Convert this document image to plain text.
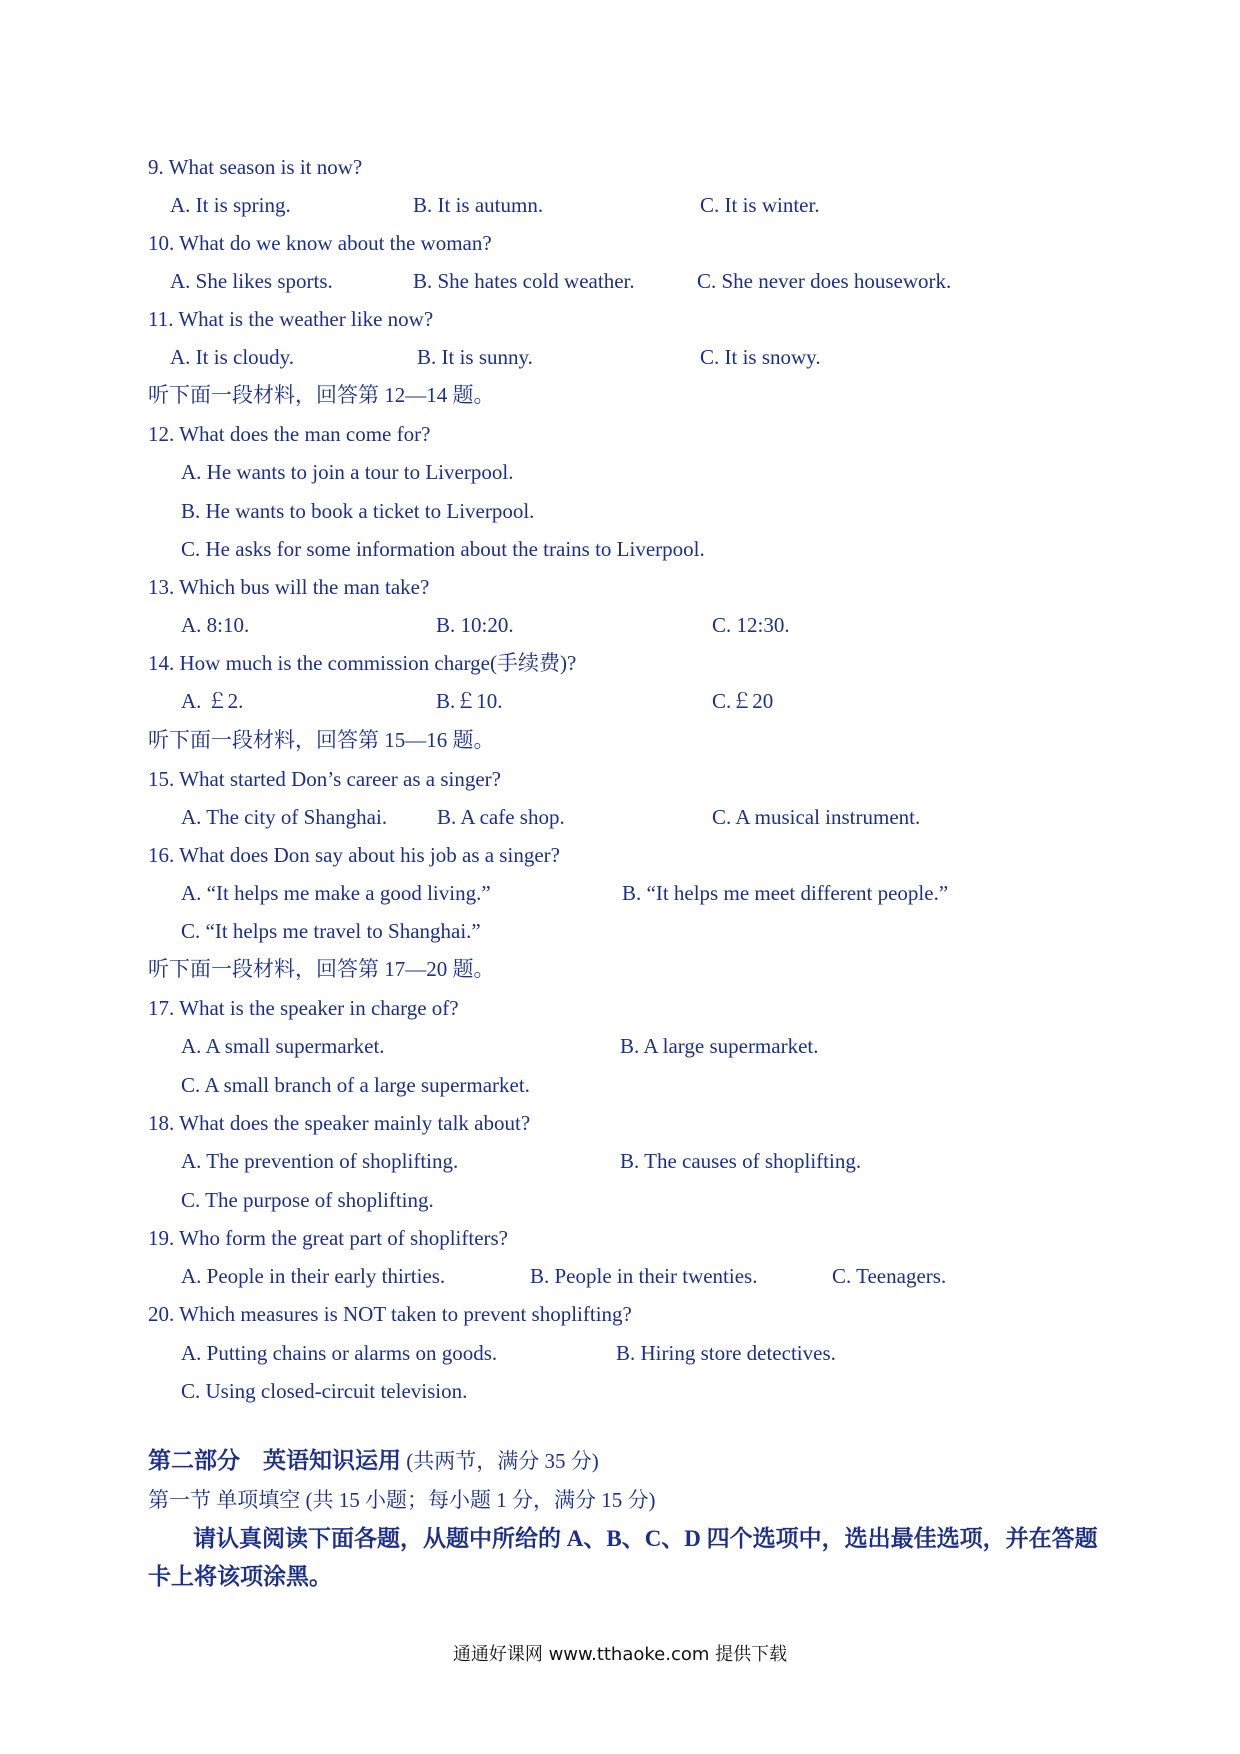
9. What season is it now?
A. It is spring.	B. It is autumn.	C. It is winter.
10. What do we know about the woman?
A. She likes sports.	B. She hates cold weather.	C. She never does housework.
11. What is the weather like now?
A. It is cloudy.	B. It is sunny.	C. It is snowy.
听下面一段材料，回答第 12—14 题。
12. What does the man come for?
A. He wants to join a tour to Liverpool.
B. He wants to book a ticket to Liverpool.
C. He asks for some information about the trains to Liverpool.
13. Which bus will the man take?
A. 8:10.	B. 10:20.	C. 12:30.
14. How much is the commission charge(手续费)?
A. ￡2.	B.￡10.	C.￡20
听下面一段材料，回答第 15—16 题。
15. What started Don’s career as a singer?
A. The city of Shanghai. B. A cafe shop.	C. A musical instrument.
16. What does Don say about his job as a singer?
A. “It helps me make a good living.”	B. “It helps me meet different people.”
C. “It helps me travel to Shanghai.”
听下面一段材料，回答第 17—20 题。
17. What is the speaker in charge of?
A. A small supermarket.	B. A large supermarket.
C. A small branch of a large supermarket.
18. What does the speaker mainly talk about?
A. The prevention of shoplifting.	B. The causes of shoplifting.
C. The purpose of shoplifting.
19. Who form the great part of shoplifters?
A. People in their early thirties.	B. People in their twenties.	C. Teenagers.
20. Which measures is NOT taken to prevent shoplifting?
A. Putting chains or alarms on goods.	B. Hiring store detectives.
C. Using closed-circuit television.
第二部分　英语知识运用 (共两节，满分 35 分)
第一节 单项填空 (共 15 小题；每小题 1 分，满分 15 分)
请认真阅读下面各题，从题中所给的 A、B、C、D 四个选项中，选出最佳选项，并在答题卡上将该项涂黑。
通通好课网 www.tthaoke.com 提供下载
